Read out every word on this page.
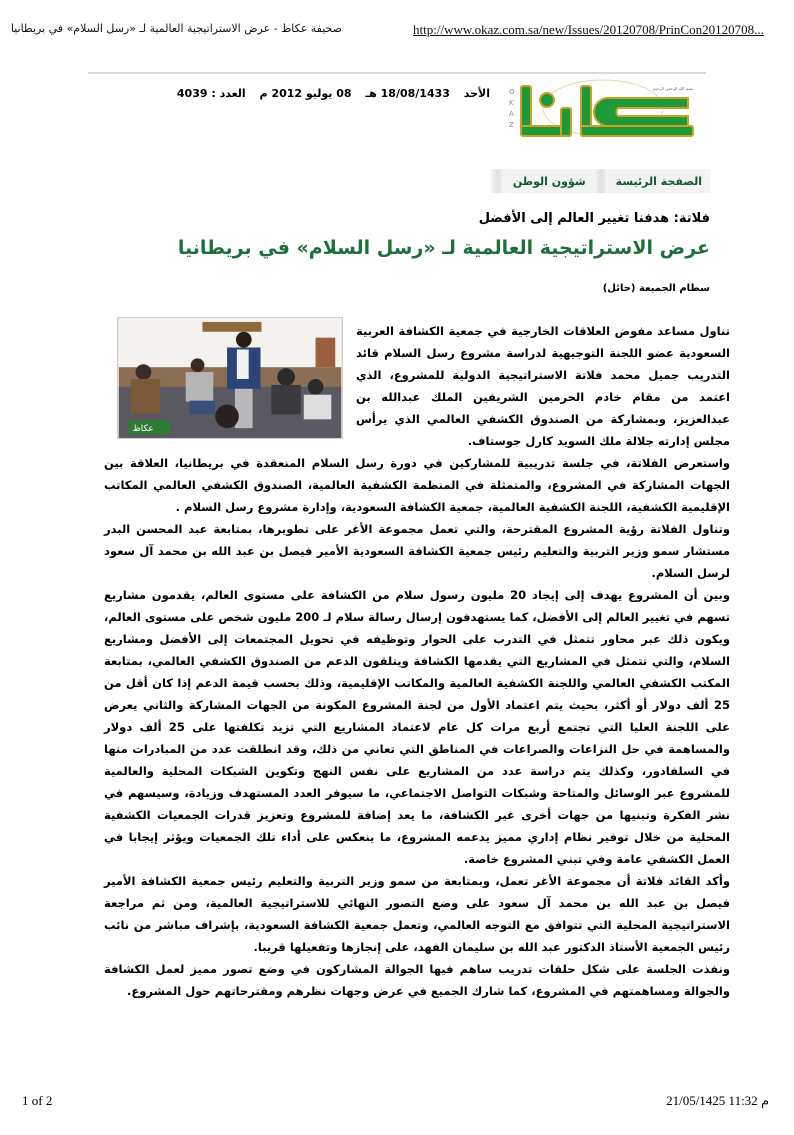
صحيفة عكاظ - عرض الاستراتيجية العالمية لـ «رسل السلام» في بريطانيا	http://www.okaz.com.sa/new/Issues/20120708/PrinCon20120708...
O
K
A
Z
بسم الله الرحمن الرحيم
الأحد 18/08/1433 هـ 08 يوليو 2012 م العدد : 4039
الصفحة الرئيسة
شؤون الوطن
فلاتة: هدفنا تغيير العالم إلى الأفضل
عرض الاستراتيجية العالمية لـ «رسل السلام» في بريطانيا
سطام الجميعة (حائل)
عكاظ

تناول مساعد مفوض العلاقات الخارجية في جمعية الكشافة العربية السعودية عضو اللجنة التوجيهية لدراسة مشروع رسل السلام قائد التدريب جميل محمد فلاتة الاستراتيجية الدولية للمشروع، الذي اعتمد من مقام خادم الحرمين الشريفين الملك عبدالله بن عبدالعزيز، وبمشاركة من الصندوق الكشفي العالمي الذي يرأس مجلس إدارته جلالة ملك السويد كارل جوستاف.

واستعرض الفلاتة، في جلسة تدريبية للمشاركين في دورة رسل السلام المنعقدة في بريطانيا، العلاقة بين الجهات المشاركة في المشروع، والمتمثلة في المنظمة الكشفية العالمية، الصندوق الكشفي العالمي المكاتب الإقليمية الكشفية، اللجنة الكشفية العالمية، جمعية الكشافة السعودية، وإدارة مشروع رسل السلام .

وتناول الفلاتة رؤية المشروع المقترحة، والتي تعمل مجموعة الأغر على تطويرها، بمتابعة عبد المحسن البدر مستشار سمو وزير التربية والتعليم رئيس جمعية الكشافة السعودية الأمير فيصل بن عبد الله بن محمد آل سعود لرسل السلام.

وبين أن المشروع يهدف إلى إيجاد 20 مليون رسول سلام من الكشافة على مستوى العالم، يقدمون مشاريع تسهم في تغيير العالم إلى الأفضل، كما يستهدفون إرسال رسالة سلام لـ 200 مليون شخص على مستوى العالم، ويكون ذلك عبر محاور تتمثل في التدرب على الحوار وتوظيفه في تحويل المجتمعات إلى الأفضل ومشاريع السلام، والتي تتمثل في المشاريع التي يقدمها الكشافة ويتلقون الدعم من الصندوق الكشفي العالمي، بمتابعة المكتب الكشفي العالمي واللجنة الكشفية العالمية والمكاتب الإقليمية، وذلك بحسب قيمة الدعم إذا كان أقل من 25 ألف دولار أو أكثر، بحيث يتم اعتماد الأول من لجنة المشروع المكونة من الجهات المشاركة والثاني يعرض على اللجنة العليا التي تجتمع أربع مرات كل عام لاعتماد المشاريع التي تزيد تكلفتها على 25 ألف دولار والمساهمة في حل النزاعات والصراعات في المناطق التي تعاني من ذلك، وقد انطلقت عدد من المبادرات منها في السلفادور، وكذلك يتم دراسة عدد من المشاريع على نفس النهج وتكوين الشبكات المحلية والعالمية للمشروع عبر الوسائل والمتاحة وشبكات التواصل الاجتماعي، ما سيوفر العدد المستهدف وزيادة، وسيسهم في نشر الفكرة وتبنيها من جهات أخرى غير الكشافة، ما يعد إضافة للمشروع وتعزيز قدرات الجمعيات الكشفية المحلية من خلال توفير نظام إداري مميز يدعمه المشروع، ما ينعكس على أداء تلك الجمعيات ويؤثر إيجابا في العمل الكشفي عامة وفي تبني المشروع خاصة.

وأكد القائد فلاتة أن مجموعة الأغر تعمل، وبمتابعة من سمو وزير التربية والتعليم رئيس جمعية الكشافة الأمير فيصل بن عبد الله بن محمد آل سعود على وضع التصور النهائي للاستراتيجية العالمية، ومن ثم مراجعة الاستراتيجية المحلية التي تتوافق مع التوجه العالمي، وتعمل جمعية الكشافة السعودية، بإشراف مباشر من نائب رئيس الجمعية الأستاذ الدكتور عبد الله بن سليمان الفهد، على إنجازها وتفعيلها قريبا.

ونفذت الجلسة على شكل حلقات تدريب ساهم فيها الجوالة المشاركون في وضع تصور مميز لعمل الكشافة والجوالة ومساهمتهم في المشروع، كما شارك الجميع في عرض وجهات نظرهم ومقترحاتهم حول المشروع.

1 of 2	21/05/1425 11:32 م
